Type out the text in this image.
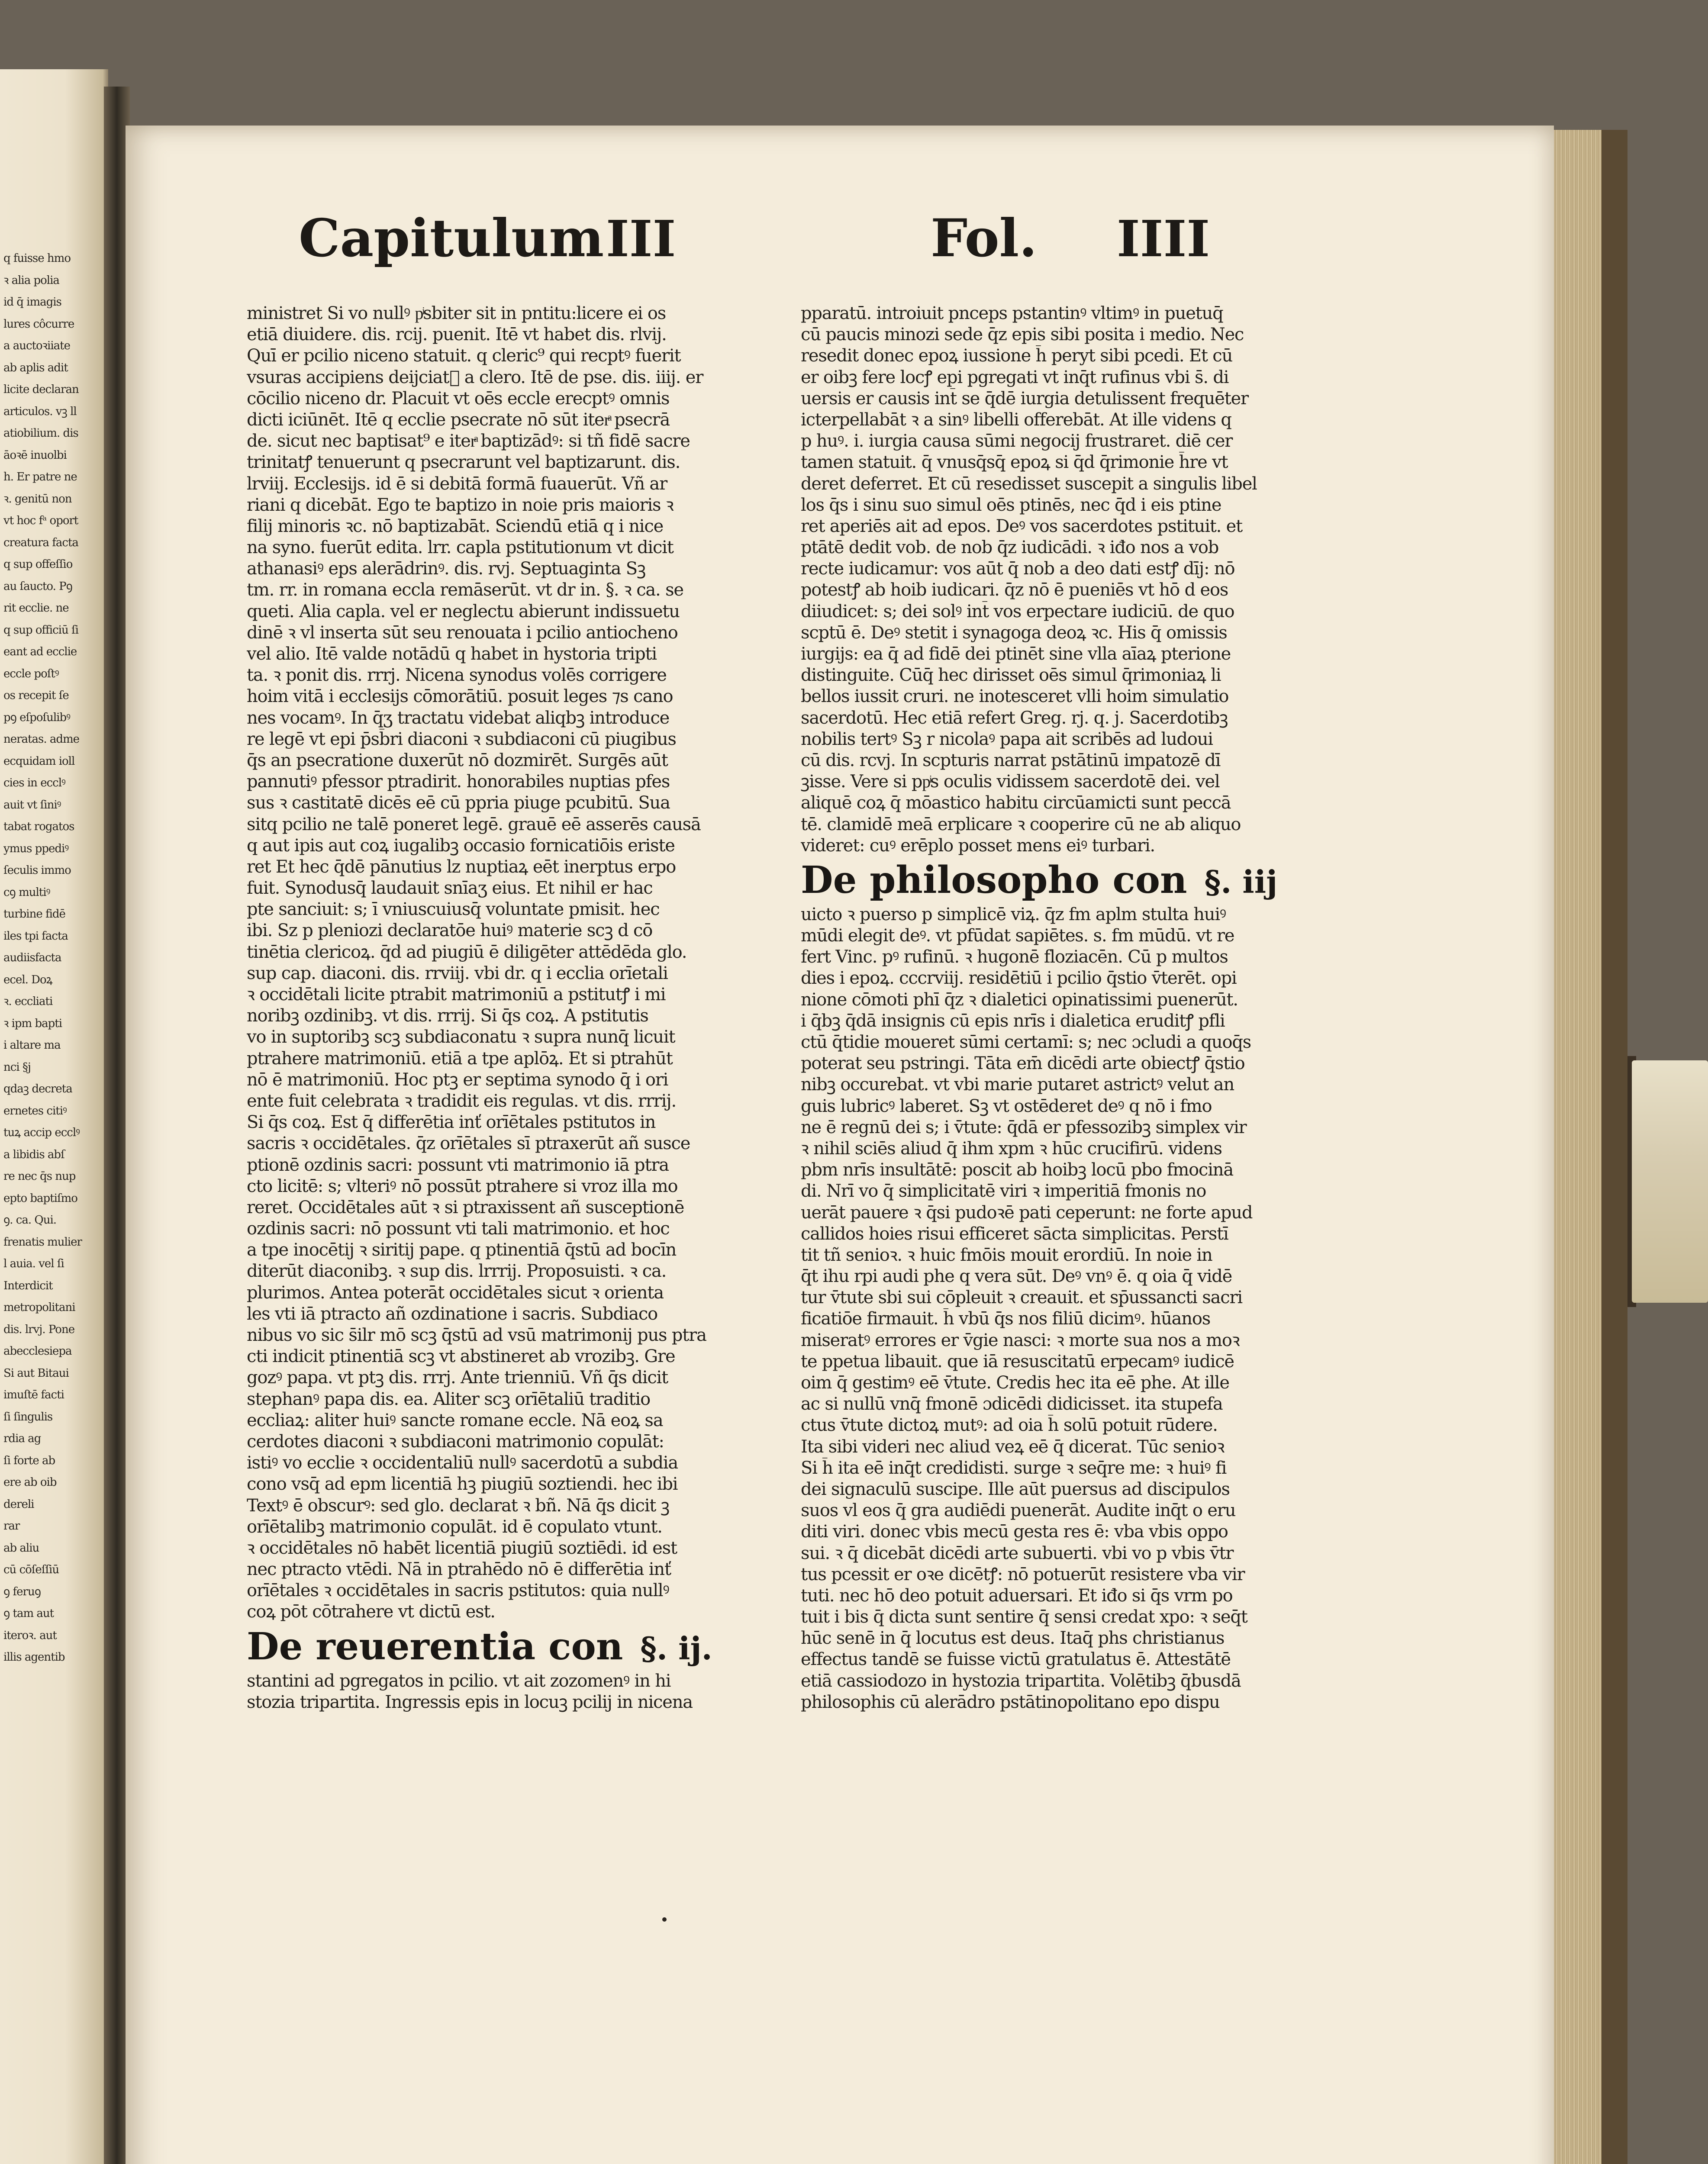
q fuisse hmo
ꝛ alia polia
id q̄ imagis
lures côcurre
a auctoꝛiiate
ab aplis adit
licite declaran
articulos. vꝫ ll
atiobilium. dis
āoꝛē inuolbi
h. Er patre ne
ꝛ. genitū non
vt hoc fᵃ oport
creatura facta
q sup offeſſio
au ſaucto. Pꝯ
rit ecclie. ne
q sup officiū ſi
eant ad ecclie
eccle poſtꝰ
os recepit ſe
pꝯ eſpoſulibꝰ
neratas. adme
ecquidam ioll
cies in ecclꝰ
auit vt ſiniꝰ
tabat rogatos
ymus ppediꝰ
ſeculis immo
cꝯ multiꝰ
turbine fidē
iles tpi facta
audiisfacta
ecel. Doꝝ
ꝛ. eccliati
ꝛ ipm bapti
i altare ma
nci §j
qdaꝫ decreta
ernetes citiꝰ
tuꝝ accip ecclꝰ
a libidis abſ
re nec q̄s nup
epto baptiſmo
ꝯ. ca. Qui.
frenatis mulier
l auia. vel ſi
Interdicit
metropolitani
dis. lrvj. Pone
abecclesiepa
Si aut Bitaui
imuſtē facti
ſi ſingulis
rdia ag
ſi forte ab
ere ab oib
dereli
rar
ab aliu
cū cōſeſſiū
ꝯ feruꝯ
ꝯ tam aut
iteroꝛ. aut
illis agentib
Capitulum III	Fol. IIII
ministret Si vo nullꝰ pͥsbiter sit in pntitu:licere ei os
etiā diuidere. dis. rcij. puenit. Itē vt habet dis. rlvij.
Quī er pcilio niceno statuit. q cleric⁹ qui recptꝰ fuerit
vsuras accipiens deijciatᷓ a clero. Itē de pse. dis. iiij. er
cōcilio niceno dr. Placuit vt oēs eccle erecptꝰ omnis
dicti iciūnēt. Itē q ecclie psecrate nō sūt iterͣ psecrā
de. sicut nec baptisat⁹ e iterͣ baptizādꝰ: si tñ fidē sacre
trinitatꝭ tenuerunt q psecrarunt vel baptizarunt. dis.
lrviij. Ecclesijs. id ē si debitā formā fuauerūt. Vñ ar
riani q dicebāt. Ego te baptizo in noie pris maioris ꝛ
filij minoris ꝛc. nō baptizabāt. Sciendū etiā q i nice
na syno. fuerūt edita. lrr. capla pstitutionum vt dicit
athanasiꝰ eps alerādrinꝰ. dis. rvj. Septuaginta Sꝫ
tm. rr. in romana eccla remāserūt. vt dr in. §. ꝛ ca. se
queti. Alia capla. vel er neglectu abierunt indissuetu
dinē ꝛ vl inserta sūt seu renouata i pcilio antiocheno
vel alio. Itē valde notādū q habet in hystoria tripti
ta. ꝛ ponit dis. rrrj. Nicena synodus volēs corrigere
hoim vitā i ecclesijs cōmorātiū. posuit leges ⁊s cano
nes vocamꝰ. In q̄ʒ tractatu videbat aliqbꝫ introduce
re legē vt epi p̄sb̄ri diaconi ꝛ subdiaconi cū piugibus
q̄s an psecratione duxerūt nō dozmirēt. Surgēs aūt
pannutiꝰ pfessor ptradirit. honorabiles nuptias pfes
sus ꝛ castitatē dicēs eē cū ppria piuge pcubitū. Sua
sitq pcilio ne talē poneret legē. grauē eē asserēs causā
q aut ipis aut coꝝ iugalibꝫ occasio fornicatiōis eriste
ret Et hec q̄dē pānutius lz nuptiaꝝ eēt inerptus erpo
fuit. Synodusq̄ laudauit snīaʒ eius. Et nihil er hac
pte sanciuit: s; ī vniuscuiusq̄ voluntate pmisit. hec
ibi. Sz p pleniozi declaratōe huiꝰ materie scꝫ d cō
tinētia clericoꝝ. q̄d ad piugiū ē diligēter attēdēda glo.
sup cap. diaconi. dis. rrviij. vbi dr. q i ecclia orīetali
ꝛ occidētali licite ptrabit matrimoniū a pstitutꝭ i mi
noribꝫ ozdinibꝫ. vt dis. rrrij. Si q̄s coꝝ. A pstitutis
vo in suptoribꝫ scꝫ subdiaconatu ꝛ supra nunq̄ licuit
ptrahere matrimoniū. etiā a tpe aplōꝝ. Et si ptrahūt
nō ē matrimoniū. Hoc ptꝫ er septima synodo q̄ i ori
ente fuit celebrata ꝛ tradidit eis regulas. vt dis. rrrij.
Si q̄s coꝝ. Est q̄ differētia inť orīētales pstitutos in
sacris ꝛ occidētales. q̄z orīētales sī ptraxerūt añ susce
ptionē ozdinis sacri: possunt vti matrimonio iā ptra
cto licitē: s; vlteriꝰ nō possūt ptrahere si vroz illa mo
reret. Occidētales aūt ꝛ si ptraxissent añ susceptionē
ozdinis sacri: nō possunt vti tali matrimonio. et hoc
a tpe inocētij ꝛ siritij pape. q ptinentiā q̄stū ad bocīn
diterūt diaconibꝫ. ꝛ sup dis. lrrrij. Proposuisti. ꝛ ca.
plurimos. Antea poterāt occidētales sicut ꝛ orienta
les vti iā ptracto añ ozdinatione i sacris. Subdiaco
nibus vo sic s̄ilr mō scꝫ q̄stū ad vsū matrimonij pus ptra
cti indicit ptinentiā scꝫ vt abstineret ab vrozibꝫ. Gre
gozꝰ papa. vt ptꝫ dis. rrrj. Ante trienniū. Vñ q̄s dicit
stephanꝰ papa dis. ea. Aliter scꝫ orīētaliū traditio
eccliaꝝ: aliter huiꝰ sancte romane eccle. Nā eoꝝ sa
cerdotes diaconi ꝛ subdiaconi matrimonio copulāt:
istiꝰ vo ecclie ꝛ occidentaliū nullꝰ sacerdotū a subdia
cono vsq̄ ad epm licentiā hꝫ piugiū soztiendi. hec ibi
Textꝰ ē obscurꝰ: sed glo. declarat ꝛ bñ. Nā q̄s dicit ꝫ
orīētalibꝫ matrimonio copulāt. id ē copulato vtunt.
ꝛ occidētales nō habēt licentiā piugiū soztiēdi. id est
nec ptracto vtēdi. Nā in ptrahēdo nō ē differētia inť
orīētales ꝛ occidētales in sacris pstitutos: quia nullꝰ
coꝝ pōt cōtrahere vt dictū est.
De reuerentia con §. ij.
stantini ad pgregatos in pcilio. vt ait zozomenꝰ in hi
stozia tripartita. Ingressis epis in locuꝫ pcilij in nicena
pparatū. introiuit pnceps pstantinꝰ vltimꝰ in puetuq̄
cū paucis minozi sede q̄z epis sibi posita i medio. Nec
resedit donec epoꝝ iussione h̄ peryt sibi pcedi. Et cū
er oibꝫ fere locꝭ epi pgregati vt inq̄t rufinus vbi s̄. di
uersis er causis int̄ se q̄dē iurgia detulissent frequēter
icterpellabāt ꝛ a sinꝰ libelli offerebāt. At ille videns q
p huꝰ. i. iurgia causa sūmi negocij frustraret. diē cer
tamen statuit. q̄ vnusq̄sq̄ epoꝝ si q̄d q̄rimonie h̄re vt
deret deferret. Et cū resedisset suscepit a singulis libel
los q̄s i sinu suo simul oēs ptinēs, nec q̄d i eis ptine
ret aperiēs ait ad epos. Deꝰ vos sacerdotes pstituit. et
ptātē dedit vob. de nob q̄z iudicādi. ꝛ iđo nos a vob
recte iudicamur: vos aūt q̄ nob a deo dati estꝭ dīj: nō
potestꝭ ab hoib iudicari. q̄z nō ē pueniēs vt hō d eos
diiudicet: s; dei solꝰ int̄ vos erpectare iudiciū. de quo
scptū ē. Deꝰ stetit i synagoga deoꝝ ꝛc. His q̄ omissis
iurgijs: ea q̄ ad fidē dei ptinēt sine vlla aīaꝝ pterione
distinguite. Cūq̄ hec dirisset oēs simul q̄rimoniaꝝ li
bellos iussit cruri. ne inotesceret vlli hoim simulatio
sacerdotū. Hec etiā refert Greg. rj. q. j. Sacerdotibꝫ
nobilis tertꝰ Sꝫ r nicolaꝰ papa ait scribēs ad ludoui
cū dis. rcvj. In scpturis narrat pstātinū impatozē dī
ꝫisse. Vere si ppͥs oculis vidissem sacerdotē dei. vel
aliquē coꝝ q̄ mōastico habitu circūamicti sunt peccā
tē. clamidē meā erplicare ꝛ cooperire cū ne ab aliquo
videret: cuꝰ erēplo posset mens eiꝰ turbari.
De philosopho con §. iij
uicto ꝛ puerso p simplicē viꝝ. q̄z fm aplm stulta huiꝰ
mūdi elegit deꝰ. vt pfūdat sapiētes. s. fm mūdū. vt re
fert Vinc. pꝰ rufinū. ꝛ hugonē floziacēn. Cū p multos
dies i epoꝝ. cccrviij. residētiū i pcilio q̄stio v̄terēt. opi
nione cōmoti phī q̄z ꝛ dialetici opinatissimi puenerūt.
i q̄bꝫ q̄dā insignis cū epis nrīs i dialetica eruditꝭ pfli
ctū q̄tidie moueret sūmi certamī: s; nec ɔcludi a quoq̄s
poterat seu pstringi. Tāta em̄ dicēdi arte obiectꝭ q̄stio
nibꝫ occurebat. vt vbi marie putaret astrictꝰ velut an
guis lubricꝰ laberet. Sꝫ vt ostēderet deꝰ q nō i fmo
ne ē regnū dei s; i v̄tute: q̄dā er pfessozibꝫ simplex vir
ꝛ nihil sciēs aliud q̄ ihm xpm ꝛ hūc crucifirū. videns
pbm nrīs insultātē: poscit ab hoibꝫ locū pbo fmocinā
di. Nrī vo q̄ simplicitatē viri ꝛ imperitiā fmonis no
uerāt pauere ꝛ q̄si pudoꝛē pati ceperunt: ne forte apud
callidos hoies risui efficeret sācta simplicitas. Perstī
tit tñ senioꝛ. ꝛ huic fmōis mouit erordiū. In noie in
q̄t ihu rpi audi phe q vera sūt. Deꝰ vnꝰ ē. q oia q̄ vidē
tur v̄tute sbi sui cōpleuit ꝛ creauit. et sp̄ussancti sacri
ficatiōe firmauit. h̄ vbū q̄s nos filiū dicimꝰ. hūanos
miseratꝰ errores er v̄gie nasci: ꝛ morte sua nos a moꝛ
te ppetua libauit. que iā resuscitatū erpecamꝰ iudicē
oim q̄ gestimꝰ eē v̄tute. Credis hec ita eē phe. At ille
ac si nullū vnq̄ fmonē ɔdicēdi didicisset. ita stupefa
ctus v̄tute dictoꝝ mutꝰ: ad oia h̄ solū potuit rūdere.
Ita sibi videri nec aliud veꝝ eē q̄ dicerat. Tūc senioꝛ
Si h̄ ita eē inq̄t credidisti. surge ꝛ seq̄re me: ꝛ huiꝰ fi
dei signaculū suscipe. Ille aūt puersus ad discipulos
suos vl eos q̄ gra audiēdi puenerāt. Audite inq̄t o eru
diti viri. donec vbis mecū gesta res ē: vba vbis oppo
sui. ꝛ q̄ dicebāt dicēdi arte subuerti. vbi vo p vbis v̄tr
tus pcessit er oꝛe dicētꝭ: nō potuerūt resistere vba vir
tuti. nec hō deo potuit aduersari. Et iđo si q̄s vrm po
tuit i bis q̄ dicta sunt sentire q̄ sensi credat xpo: ꝛ seq̄t
hūc senē in q̄ locutus est deus. Itaq̄ phs christianus
effectus tandē se fuisse victū gratulatus ē. Attestātē
etiā cassiodozo in hystozia tripartita. Volētibꝫ q̄busdā
philosophis cū alerādro pstātinopolitano epo dispu
